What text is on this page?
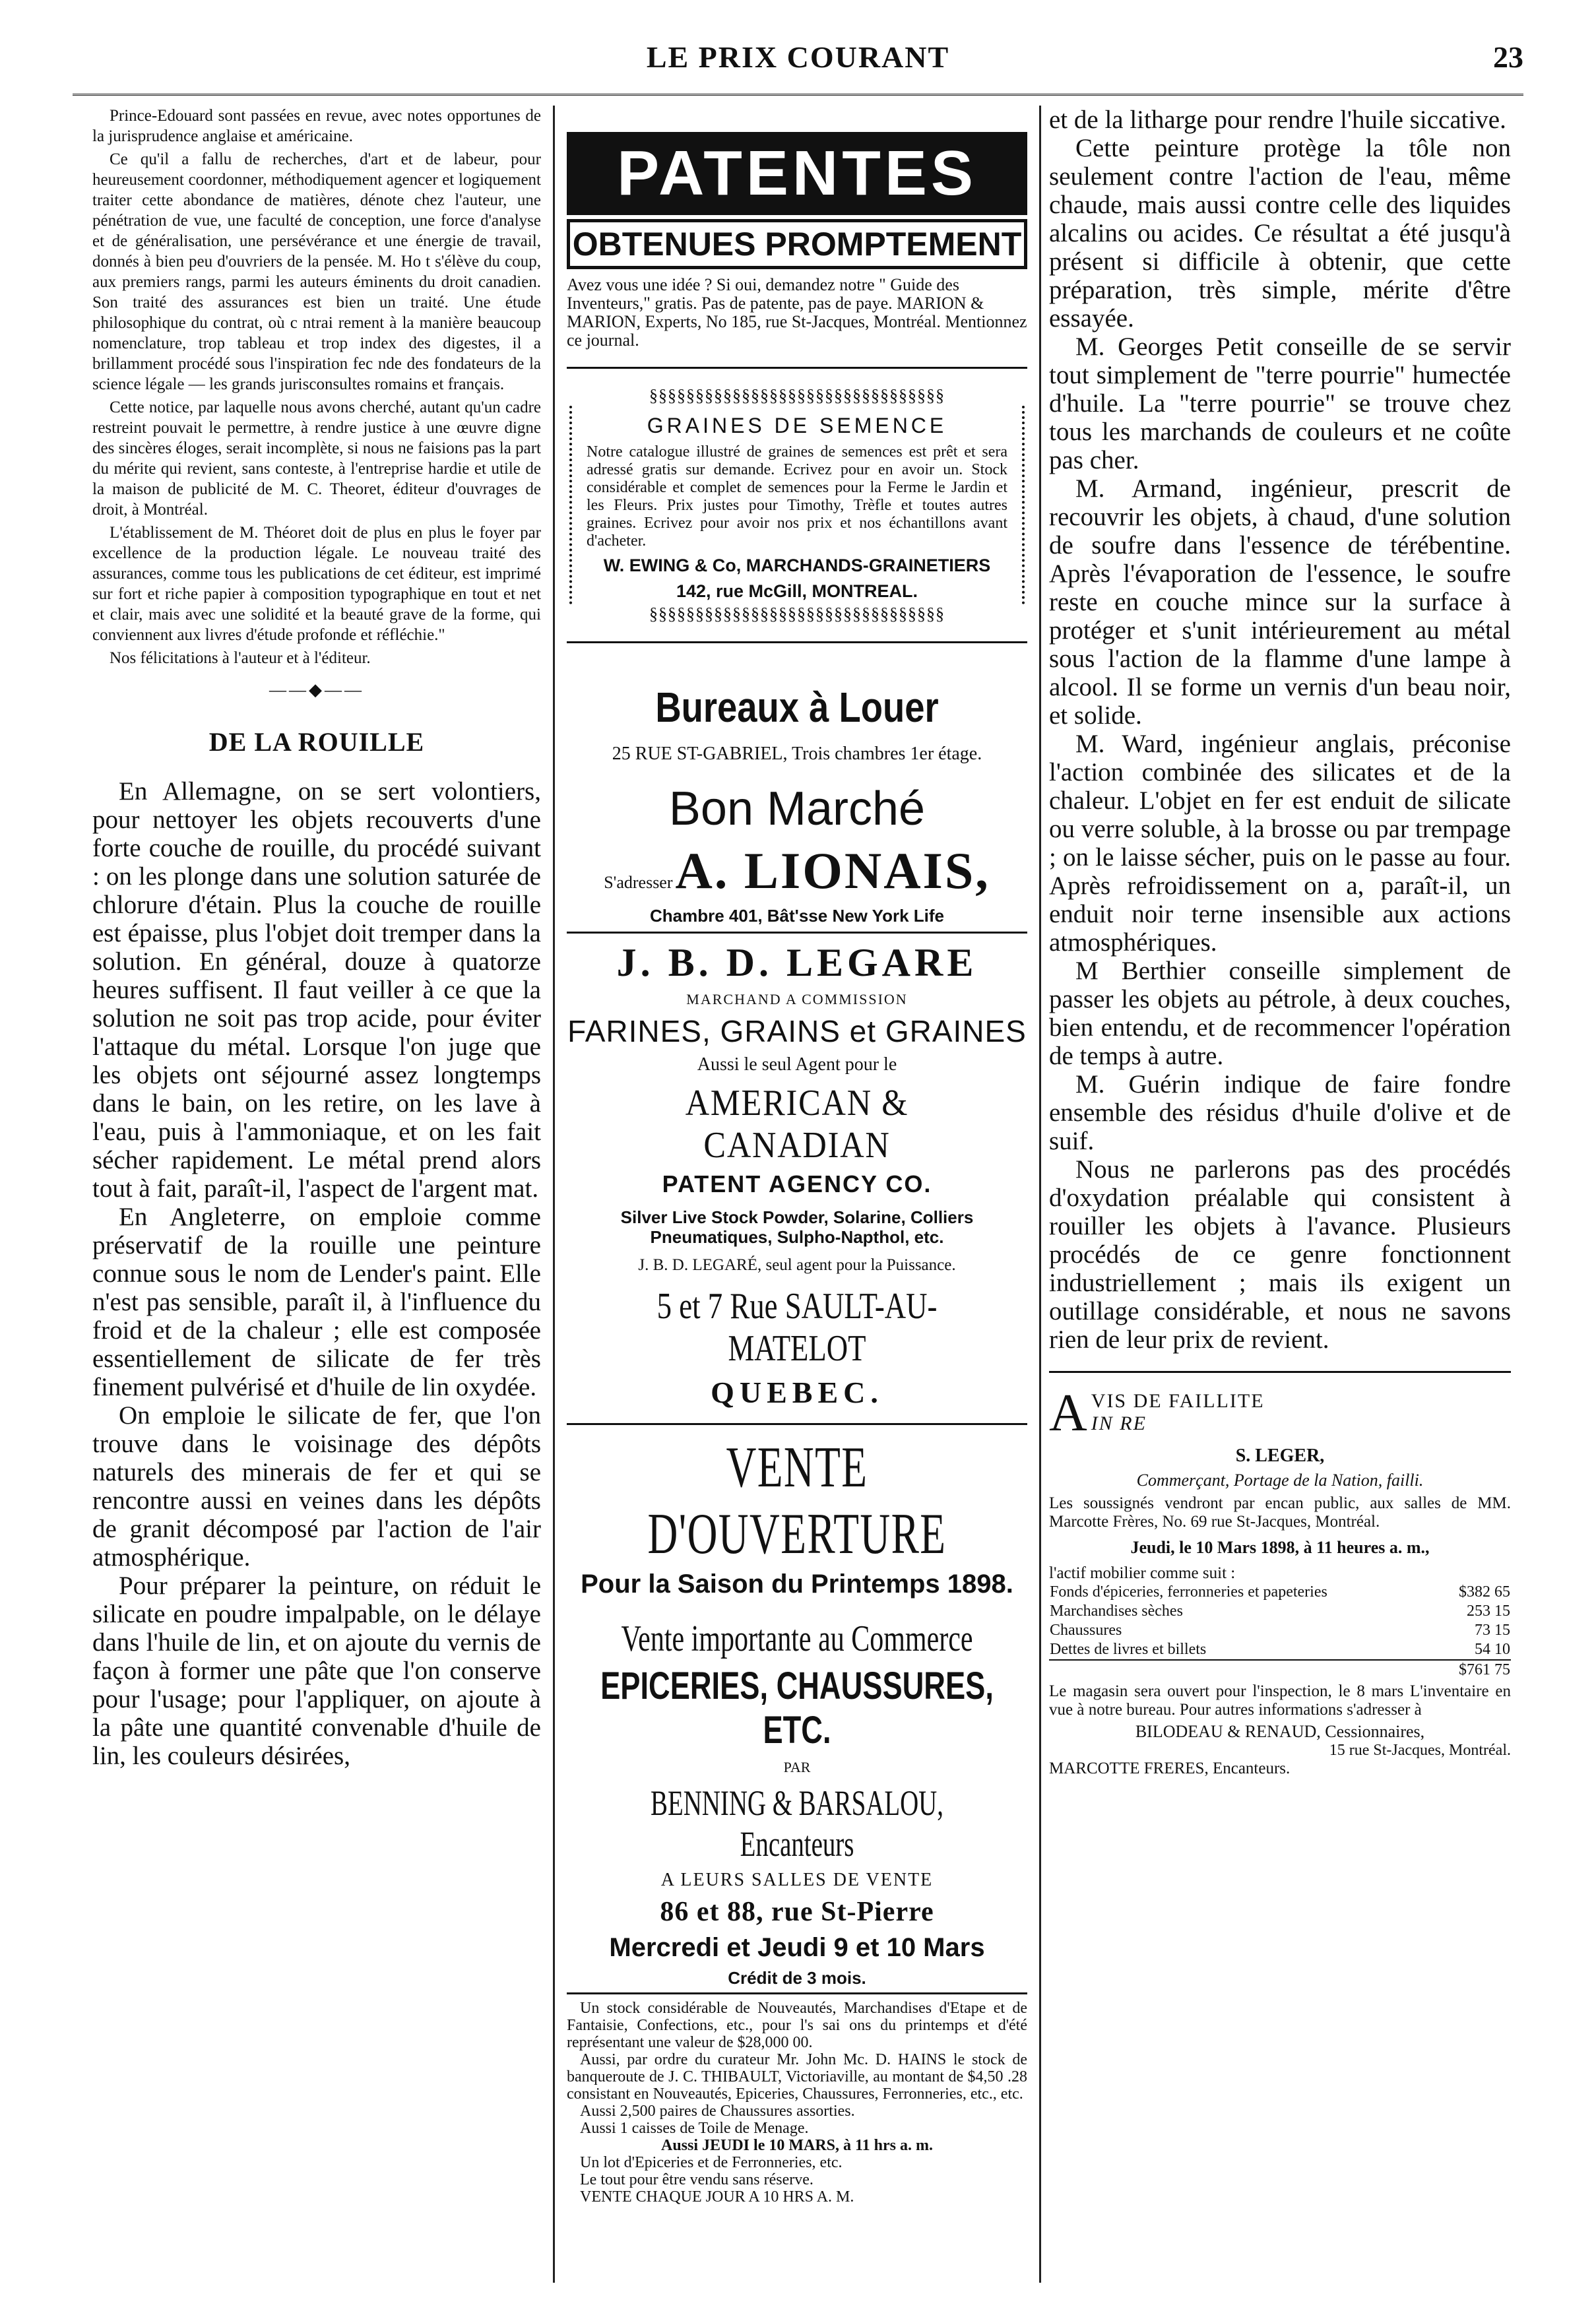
LE PRIX COURANT	23

Prince-Edouard sont passées en revue, avec notes opportunes de la jurisprudence anglaise et américaine.

Ce qu'il a fallu de recherches, d'art et de labeur, pour heureusement coordonner, méthodiquement agencer et logiquement traiter cette abondance de matières, dénote chez l'auteur, une pénétration de vue, une faculté de conception, une force d'analyse et de généralisation, une persévérance et une énergie de travail, donnés à bien peu d'ouvriers de la pensée. M. Ho t s'élève du coup, aux premiers rangs, parmi les auteurs éminents du droit canadien. Son traité des assurances est bien un traité. Une étude philosophique du contrat, où c ntrai rement à la manière beaucoup nomenclature, trop tableau et trop index des digestes, il a brillamment procédé sous l'inspiration fec nde des fondateurs de la science légale — les grands jurisconsultes romains et français.

Cette notice, par laquelle nous avons cherché, autant qu'un cadre restreint pouvait le permettre, à rendre justice à une œuvre digne des sincères éloges, serait incomplète, si nous ne faisions pas la part du mérite qui revient, sans conteste, à l'entreprise hardie et utile de la maison de publicité de M. C. Theoret, éditeur d'ouvrages de droit, à Montréal.

L'établissement de M. Théoret doit de plus en plus le foyer par excellence de la production légale. Le nouveau traité des assurances, comme tous les publications de cet éditeur, est imprimé sur fort et riche papier à composition typographique en tout et net et clair, mais avec une solidité et la beauté grave de la forme, qui conviennent aux livres d'étude profonde et réfléchie."

Nos félicitations à l'auteur et à l'éditeur.

——◆——
DE LA ROUILLE

En Allemagne, on se sert volontiers, pour nettoyer les objets recouverts d'une forte couche de rouille, du procédé suivant : on les plonge dans une solution saturée de chlorure d'étain. Plus la couche de rouille est épaisse, plus l'objet doit tremper dans la solution. En général, douze à quatorze heures suffisent. Il faut veiller à ce que la solution ne soit pas trop acide, pour éviter l'attaque du métal. Lorsque l'on juge que les objets ont séjourné assez longtemps dans le bain, on les retire, on les lave à l'eau, puis à l'ammoniaque, et on les fait sécher rapidement. Le métal prend alors tout à fait, paraît-il, l'aspect de l'argent mat.

En Angleterre, on emploie comme préservatif de la rouille une peinture connue sous le nom de Lender's paint. Elle n'est pas sensible, paraît il, à l'influence du froid et de la chaleur ; elle est composée essentiellement de silicate de fer très finement pulvérisé et d'huile de lin oxydée.

On emploie le silicate de fer, que l'on trouve dans le voisinage des dépôts naturels des minerais de fer et qui se rencontre aussi en veines dans les dépôts de granit décomposé par l'action de l'air atmosphérique.

Pour préparer la peinture, on réduit le silicate en poudre impalpable, on le délaye dans l'huile de lin, et on ajoute du vernis de façon à former une pâte que l'on conserve pour l'usage; pour l'appliquer, on ajoute à la pâte une quantité convenable d'huile de lin, les couleurs désirées,

PATENTES
OBTENUES PROMPTEMENT
Avez vous une idée ? Si oui, demandez notre " Guide des Inventeurs," gratis. Pas de patente, pas de paye. MARION & MARION, Experts, No 185, rue St-Jacques, Montréal. Mentionnez ce journal.
§§§§§§§§§§§§§§§§§§§§§§§§§§§§§§§§
GRAINES DE SEMENCE
Notre catalogue illustré de graines de semences est prêt et sera adressé gratis sur demande. Ecrivez pour en avoir un. Stock considérable et complet de semences pour la Ferme le Jardin et les Fleurs. Prix justes pour Timothy, Trèfle et toutes autres graines. Ecrivez pour avoir nos prix et nos échantillons avant d'acheter.
W. EWING & Co, MARCHANDS-GRAINETIERS
142, rue McGill, MONTREAL.
§§§§§§§§§§§§§§§§§§§§§§§§§§§§§§§§
Bureaux à Louer
25 RUE ST-GABRIEL, Trois chambres 1er étage.
Bon Marché
S'adresser A. LIONAIS,
Chambre 401, Bât'sse New York Life
J. B. D. LEGARE
MARCHAND A COMMISSION
FARINES, GRAINS et GRAINES
Aussi le seul Agent pour le
AMERICAN & CANADIAN
PATENT AGENCY CO.
Silver Live Stock Powder, Solarine, Colliers Pneumatiques, Sulpho-Napthol, etc.
J. B. D. LEGARÉ, seul agent pour la Puissance.
5 et 7 Rue SAULT-AU-MATELOT
QUEBEC.
VENTE D'OUVERTURE
Pour la Saison du Printemps 1898.
Vente importante au Commerce
EPICERIES, CHAUSSURES, ETC.
PAR
BENNING & BARSALOU, Encanteurs
A LEURS SALLES DE VENTE
86 et 88, rue St-Pierre
Mercredi et Jeudi 9 et 10 Mars
Crédit de 3 mois.

Un stock considérable de Nouveautés, Marchandises d'Etape et de Fantaisie, Confections, etc., pour l's sai ons du printemps et d'été représentant une valeur de $28,000 00.

Aussi, par ordre du curateur Mr. John Mc. D. HAINS le stock de banqueroute de J. C. THIBAULT, Victoriaville, au montant de $4,50 .28 consistant en Nouveautés, Epiceries, Chaussures, Ferronneries, etc., etc.

Aussi 2,500 paires de Chaussures assorties.

Aussi 1 caisses de Toile de Menage.

Aussi JEUDI le 10 MARS, à 11 hrs a. m.

Un lot d'Epiceries et de Ferronneries, etc.

Le tout pour être vendu sans réserve.

VENTE CHAQUE JOUR A 10 HRS A. M.

et de la litharge pour rendre l'huile siccative.

Cette peinture protège la tôle non seulement contre l'action de l'eau, même chaude, mais aussi contre celle des liquides alcalins ou acides. Ce résultat a été jusqu'à présent si difficile à obtenir, que cette préparation, très simple, mérite d'être essayée.

M. Georges Petit conseille de se servir tout simplement de "terre pourrie" humectée d'huile. La "terre pourrie" se trouve chez tous les marchands de couleurs et ne coûte pas cher.

M. Armand, ingénieur, prescrit de recouvrir les objets, à chaud, d'une solution de soufre dans l'essence de térébentine. Après l'évaporation de l'essence, le soufre reste en couche mince sur la surface à protéger et s'unit intérieurement au métal sous l'action de la flamme d'une lampe à alcool. Il se forme un vernis d'un beau noir, et solide.

M. Ward, ingénieur anglais, préconise l'action combinée des silicates et de la chaleur. L'objet en fer est enduit de silicate ou verre soluble, à la brosse ou par trempage ; on le laisse sécher, puis on le passe au four. Après refroidissement on a, paraît-il, un enduit noir terne insensible aux actions atmosphériques.

M Berthier conseille simplement de passer les objets au pétrole, à deux couches, bien entendu, et de recommencer l'opération de temps à autre.

M. Guérin indique de faire fondre ensemble des résidus d'huile d'olive et de suif.

Nous ne parlerons pas des procédés d'oxydation préalable qui consistent à rouiller les objets à l'avance. Plusieurs procédés de ce genre fonctionnent industriellement ; mais ils exigent un outillage considérable, et nous ne savons rien de leur prix de revient.

A VIS DE FAILLITE
IN RE
S. LEGER,
Commerçant, Portage de la Nation, failli.

Les soussignés vendront par encan public, aux salles de MM. Marcotte Frères, No. 69 rue St-Jacques, Montréal.

Jeudi, le 10 Mars 1898, à 11 heures a. m.,
l'actif mobilier comme suit :
Fonds d'épiceries, ferronneries et papeteries	$382 65
Marchandises sèches	253 15
Chaussures	73 15
Dettes de livres et billets	54 10
	$761 75

Le magasin sera ouvert pour l'inspection, le 8 mars L'inventaire en vue à notre bureau. Pour autres informations s'adresser à

BILODEAU & RENAUD, Cessionnaires,
15 rue St-Jacques, Montréal.
MARCOTTE FRERES, Encanteurs.
